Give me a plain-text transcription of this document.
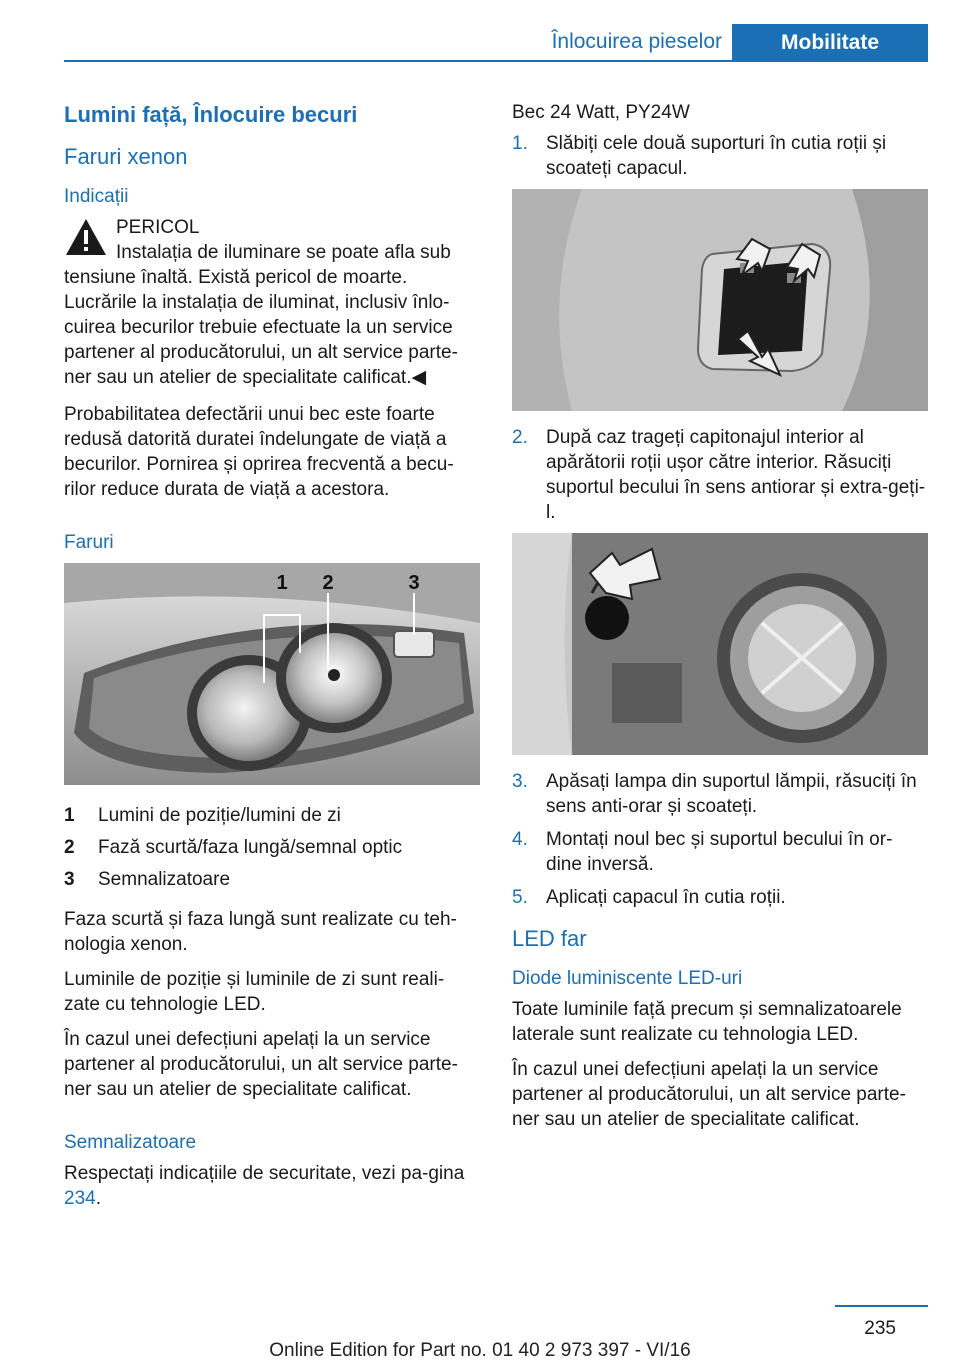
Înlocuirea pieselor	Mobilitate
Lumini față, Înlocuire becuri
Faruri xenon
Indicații
PERICOL
Instalația de iluminare se poate afla sub

tensiune înaltă. Există pericol de moarte. Lucrările la instalația de iluminat, inclusiv înlo-cuirea becurilor trebuie efectuate la un service partener al producătorului, un alt service parte-ner sau un atelier de specialitate calificat.◀

Probabilitatea defectării unui bec este foarte redusă datorită duratei îndelungate de viață a becurilor. Pornirea și oprirea frecventă a becu-rilor reduce durata de viață a acestora.

Faruri
1 2	3
1	Lumini de poziție/lumini de zi
2	Fază scurtă/faza lungă/semnal optic
3	Semnalizatoare

Faza scurtă și faza lungă sunt realizate cu teh-nologia xenon.

Luminile de poziție și luminile de zi sunt reali-zate cu tehnologie LED.

În cazul unei defecțiuni apelați la un service partener al producătorului, un alt service parte-ner sau un atelier de specialitate calificat.

Semnalizatoare

Respectați indicațiile de securitate, vezi pa-gina 234.

Bec 24 Watt, PY24W

1. Slăbiți cele două suporturi în cutia roții și scoateți capacul.
2. După caz trageți capitonajul interior al apărătorii roții ușor către interior. Răsuciți suportul becului în sens antiorar și extra-geți-l.
3. Apăsați lampa din suportul lămpii, răsuciți în sens anti-orar și scoateți.
4. Montați noul bec și suportul becului în or-dine inversă.
5. Aplicați capacul în cutia roții.
LED far
Diode luminiscente LED-uri

Toate luminile față precum și semnalizatoarele laterale sunt realizate cu tehnologia LED.

În cazul unei defecțiuni apelați la un service partener al producătorului, un alt service parte-ner sau un atelier de specialitate calificat.

235
Online Edition for Part no. 01 40 2 973 397 - VI/16
